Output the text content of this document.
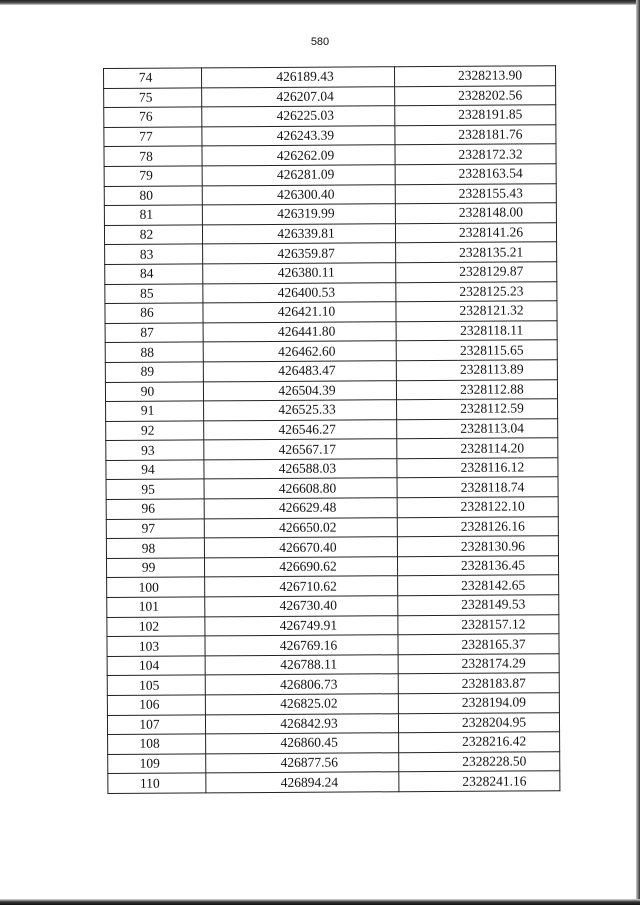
580
74	426189.43	2328213.90
75	426207.04	2328202.56
76	426225.03	2328191.85
77	426243.39	2328181.76
78	426262.09	2328172.32
79	426281.09	2328163.54
80	426300.40	2328155.43
81	426319.99	2328148.00
82	426339.81	2328141.26
83	426359.87	2328135.21
84	426380.11	2328129.87
85	426400.53	2328125.23
86	426421.10	2328121.32
87	426441.80	2328118.11
88	426462.60	2328115.65
89	426483.47	2328113.89
90	426504.39	2328112.88
91	426525.33	2328112.59
92	426546.27	2328113.04
93	426567.17	2328114.20
94	426588.03	2328116.12
95	426608.80	2328118.74
96	426629.48	2328122.10
97	426650.02	2328126.16
98	426670.40	2328130.96
99	426690.62	2328136.45
100	426710.62	2328142.65
101	426730.40	2328149.53
102	426749.91	2328157.12
103	426769.16	2328165.37
104	426788.11	2328174.29
105	426806.73	2328183.87
106	426825.02	2328194.09
107	426842.93	2328204.95
108	426860.45	2328216.42
109	426877.56	2328228.50
110	426894.24	2328241.16
